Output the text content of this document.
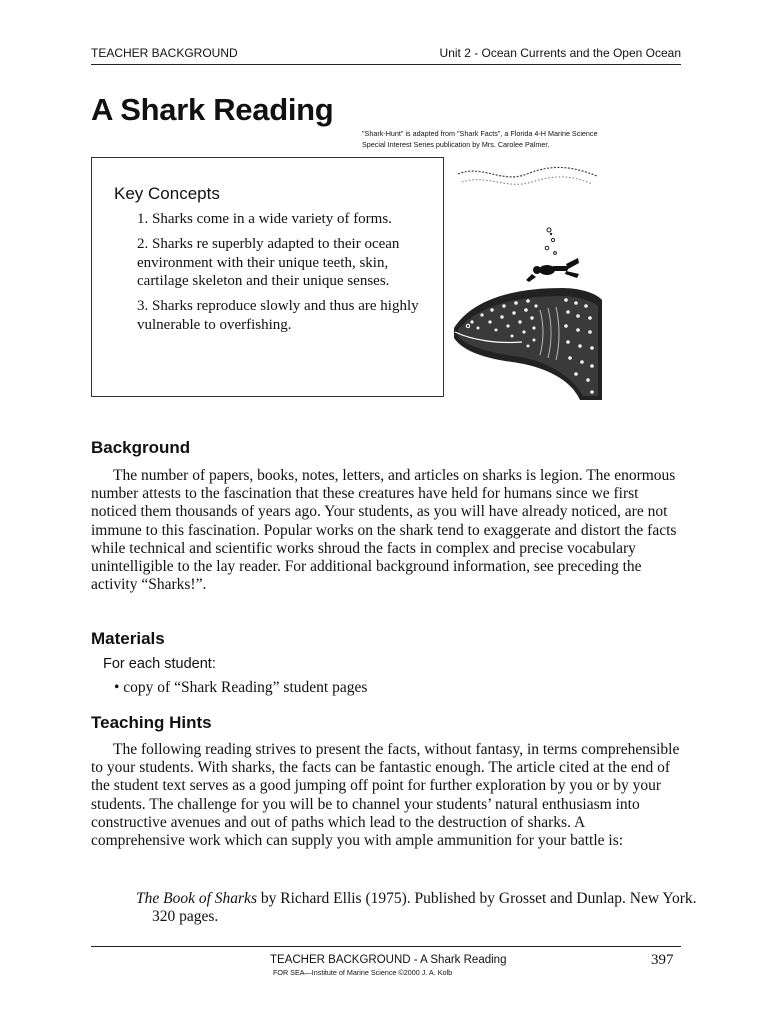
TEACHER BACKGROUND	Unit 2 - Ocean Currents and the Open Ocean
A Shark Reading
"Shark-Hunt" is adapted from "Shark Facts", a Florida 4-H Marine Science
Special Interest Series publication by Mrs. Carolee Palmer.
Key Concepts
1. Sharks come in a wide variety of forms.
2. Sharks re superbly adapted to their ocean environment with their unique teeth, skin, cartilage skeleton and their unique senses.
3. Sharks reproduce slowly and thus are highly vulnerable to overfishing.
Background

The number of papers, books, notes, letters, and articles on sharks is legion. The enormous number attests to the fascination that these creatures have held for humans since we first noticed them thousands of years ago. Your students, as you will have already noticed, are not immune to this fascination. Popular works on the shark tend to exaggerate and distort the facts while technical and scientific works shroud the facts in complex and precise vocabulary unintelligible to the lay reader. For additional background information, see preceding the activity “Sharks!”.

Materials
For each student:
• copy of “Shark Reading” student pages
Teaching Hints

The following reading strives to present the facts, without fantasy, in terms comprehensible to your students. With sharks, the facts can be fantastic enough. The article cited at the end of the student text serves as a good jumping off point for further exploration by you or by your students. The challenge for you will be to channel your students’ natural enthusiasm into constructive avenues and out of paths which lead to the destruction of sharks. A comprehensive work which can supply you with ample ammunition for your battle is:

The Book of Sharks by Richard Ellis (1975). Published by Grosset and Dunlap. New York. 320 pages.

TEACHER BACKGROUND - A Shark Reading
FOR SEA—Institute of Marine Science ©2000 J. A. Kolb
397
